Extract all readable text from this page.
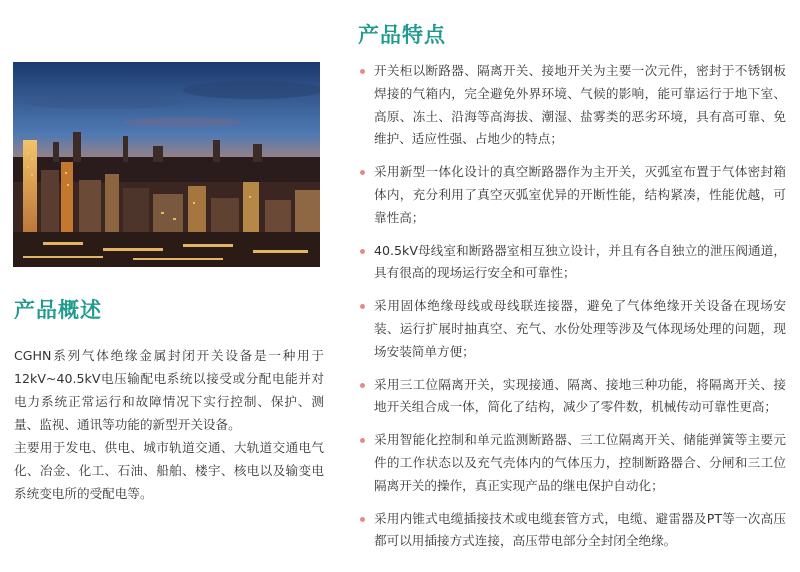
产品概述

CGHN系列气体绝缘金属封闭开关设备是一种用于12kV~40.5kV电压输配电系统以接受或分配电能并对电力系统正常运行和故障情况下实行控制、保护、测量、监视、通讯等功能的新型开关设备。

主要用于发电、供电、城市轨道交通、大轨道交通电气化、冶金、化工、石油、船舶、楼宇、核电以及输变电系统变电所的受配电等。

产品特点
开关柜以断路器、隔离开关、接地开关为主要一次元件，密封于不锈钢板焊接的气箱内，完全避免外界环境、气候的影响，能可靠运行于地下室、高原、冻土、沿海等高海拔、潮湿、盐雾类的恶劣环境，具有高可靠、免维护、适应性强、占地少的特点；
采用新型一体化设计的真空断路器作为主开关，灭弧室布置于气体密封箱体内，充分利用了真空灭弧室优异的开断性能，结构紧凑，性能优越，可靠性高；
40.5kV母线室和断路器室相互独立设计，并且有各自独立的泄压阀通道，具有很高的现场运行安全和可靠性；
采用固体绝缘母线或母线联连接器，避免了气体绝缘开关设备在现场安装、运行扩展时抽真空、充气、水份处理等涉及气体现场处理的问题，现场安装简单方便；
采用三工位隔离开关，实现接通、隔离、接地三种功能，将隔离开关、接地开关组合成一体，简化了结构，减少了零件数，机械传动可靠性更高；
采用智能化控制和单元监测断路器、三工位隔离开关、储能弹簧等主要元件的工作状态以及充气壳体内的气体压力，控制断路器合、分闸和三工位隔离开关的操作，真正实现产品的继电保护自动化；
采用内锥式电缆插接技术或电缆套管方式，电缆、避雷器及PT等一次高压都可以用插接方式连接，高压带电部分全封闭全绝缘。
